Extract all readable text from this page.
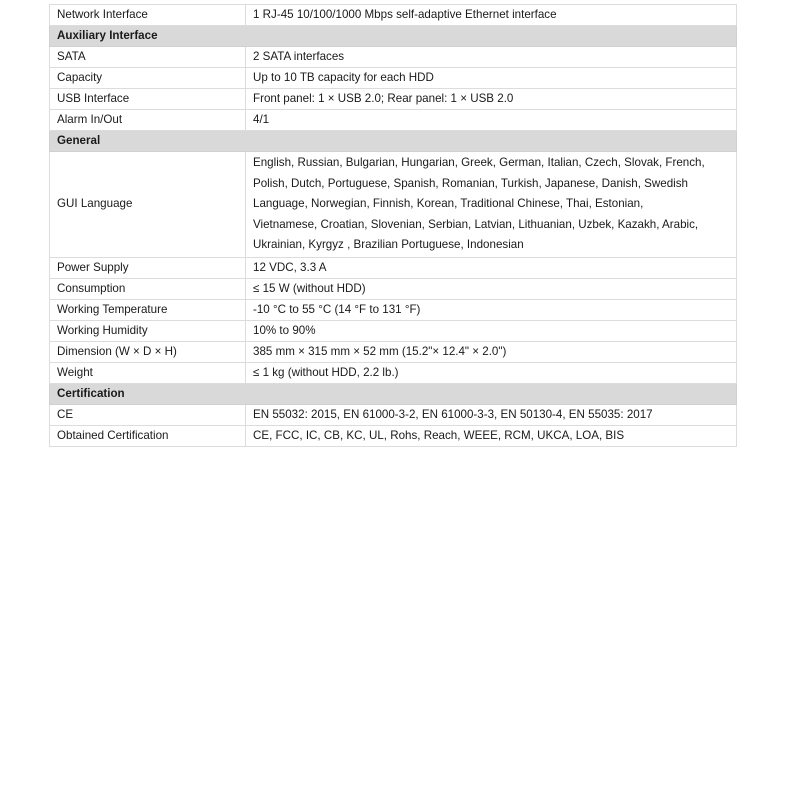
Network Interface	1 RJ-45 10/100/1000 Mbps self-adaptive Ethernet interface
Auxiliary Interface	
SATA	2 SATA interfaces
Capacity	Up to 10 TB capacity for each HDD
USB Interface	Front panel: 1 × USB 2.0; Rear panel: 1 × USB 2.0
Alarm In/Out	4/1
General	
GUI Language	English, Russian, Bulgarian, Hungarian, Greek, German, Italian, Czech, Slovak, French,
Polish, Dutch, Portuguese, Spanish, Romanian, Turkish, Japanese, Danish, Swedish
Language, Norwegian, Finnish, Korean, Traditional Chinese, Thai, Estonian,
Vietnamese, Croatian, Slovenian, Serbian, Latvian, Lithuanian, Uzbek, Kazakh, Arabic,
Ukrainian, Kyrgyz , Brazilian Portuguese, Indonesian

Power Supply	12 VDC, 3.3 A
Consumption	≤ 15 W (without HDD)
Working Temperature	-10 °C to 55 °C (14 °F to 131 °F)
Working Humidity	10% to 90%
Dimension (W × D × H)	385 mm × 315 mm × 52 mm (15.2"× 12.4" × 2.0")
Weight	≤ 1 kg (without HDD, 2.2 lb.)
Certification	
CE	EN 55032: 2015, EN 61000-3-2, EN 61000-3-3, EN 50130-4, EN 55035: 2017
Obtained Certification	CE, FCC, IC, CB, KC, UL, Rohs, Reach, WEEE, RCM, UKCA, LOA, BIS
